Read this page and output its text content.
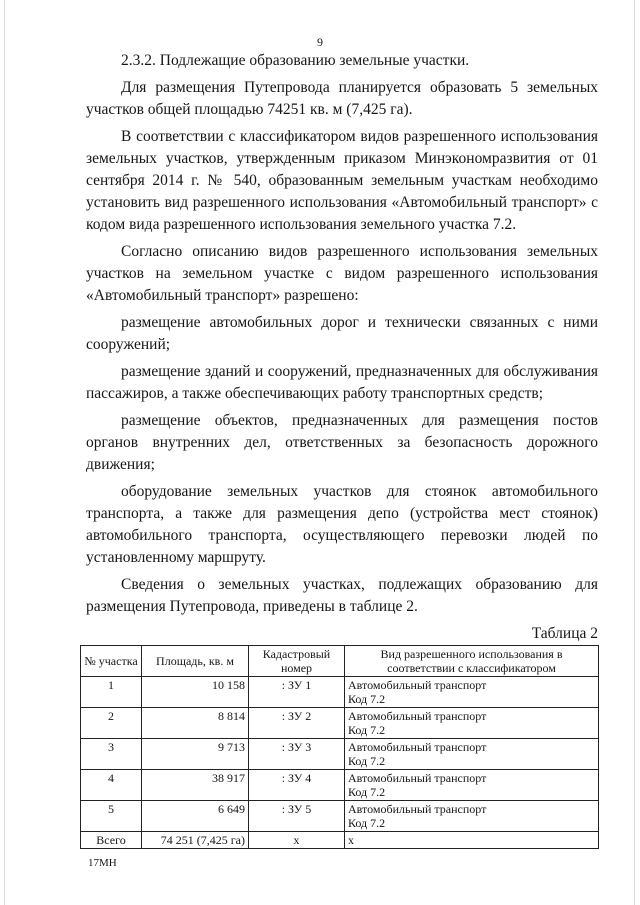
9

2.3.2. Подлежащие образованию земельные участки.

Для размещения Путепровода планируется образовать 5 земельных участков общей площадью 74251 кв. м (7,425 га).

В соответствии с классификатором видов разрешенного использования земельных участков, утвержденным приказом Минэкономразвития от 01 сентября 2014 г. № 540, образованным земельным участкам необходимо установить вид разрешенного использования «Автомобильный транспорт» с кодом вида разрешенного использования земельного участка 7.2.

Согласно описанию видов разрешенного использования земельных участков на земельном участке с видом разрешенного использования «Автомобильный транспорт» разрешено:

размещение автомобильных дорог и технически связанных с ними сооружений;

размещение зданий и сооружений, предназначенных для обслуживания пассажиров, а также обеспечивающих работу транспортных средств;

размещение объектов, предназначенных для размещения постов органов внутренних дел, ответственных за безопасность дорожного движения;

оборудование земельных участков для стоянок автомобильного транспорта, а также для размещения депо (устройства мест стоянок) автомобильного транспорта, осуществляющего перевозки людей по установленному маршруту.

Сведения о земельных участках, подлежащих образованию для размещения Путепровода, приведены в таблице 2.

Таблица 2
№ участка	Площадь, кв. м	Кадастровый номер	Вид разрешенного использования в соответствии с классификатором
1	10 158	: ЗУ 1	Автомобильный транспорт
Код 7.2

2	8 814	: ЗУ 2	Автомобильный транспорт
Код 7.2

3	9 713	: ЗУ 3	Автомобильный транспорт
Код 7.2

4	38 917	: ЗУ 4	Автомобильный транспорт
Код 7.2

5	6 649	: ЗУ 5	Автомобильный транспорт
Код 7.2

Всего	74 251 (7,425 га)	х	х
17МН
